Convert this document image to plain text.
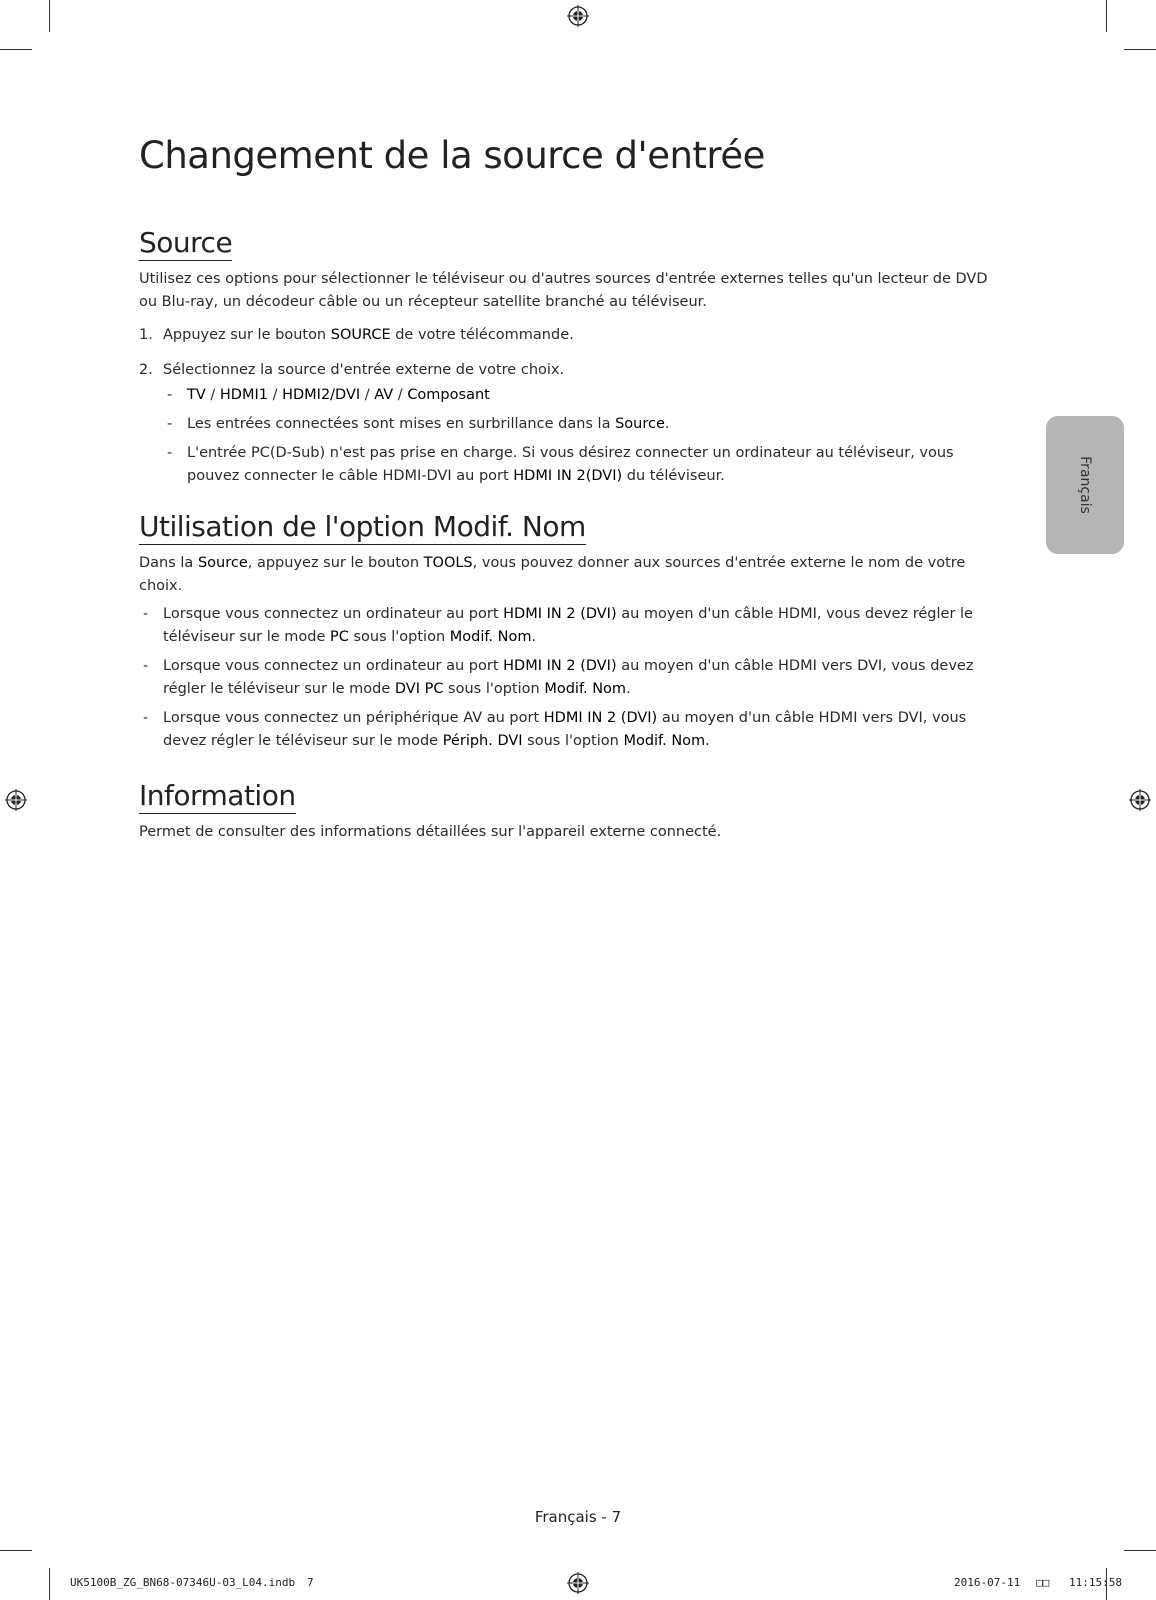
Changement de la source d'entrée
Source

Utilisez ces options pour sélectionner le téléviseur ou d'autres sources d'entrée externes telles qu'un lecteur de DVD ou Blu-ray, un décodeur câble ou un récepteur satellite branché au téléviseur.

1. Appuyez sur le bouton SOURCE de votre télécommande.
2. Sélectionnez la source d'entrée externe de votre choix.
- TV / HDMI1 / HDMI2/DVI / AV / Composant
- Les entrées connectées sont mises en surbrillance dans la Source.
- L'entrée PC(D-Sub) n'est pas prise en charge. Si vous désirez connecter un ordinateur au téléviseur, vous pouvez connecter le câble HDMI-DVI au port HDMI IN 2(DVI) du téléviseur.
Utilisation de l'option Modif. Nom

Dans la Source, appuyez sur le bouton TOOLS, vous pouvez donner aux sources d'entrée externe le nom de votre choix.

- Lorsque vous connectez un ordinateur au port HDMI IN 2 (DVI) au moyen d'un câble HDMI, vous devez régler le téléviseur sur le mode PC sous l'option Modif. Nom.
- Lorsque vous connectez un ordinateur au port HDMI IN 2 (DVI) au moyen d'un câble HDMI vers DVI, vous devez régler le téléviseur sur le mode DVI PC sous l'option Modif. Nom.
- Lorsque vous connectez un périphérique AV au port HDMI IN 2 (DVI) au moyen d'un câble HDMI vers DVI, vous devez régler le téléviseur sur le mode Périph. DVI sous l'option Modif. Nom.
Information

Permet de consulter des informations détaillées sur l'appareil externe connecté.

Français
Français - 7
UK5100B_ZG_BN68-07346U-03_L04.indb 7	2016-07-11 □□ 11:15:58
